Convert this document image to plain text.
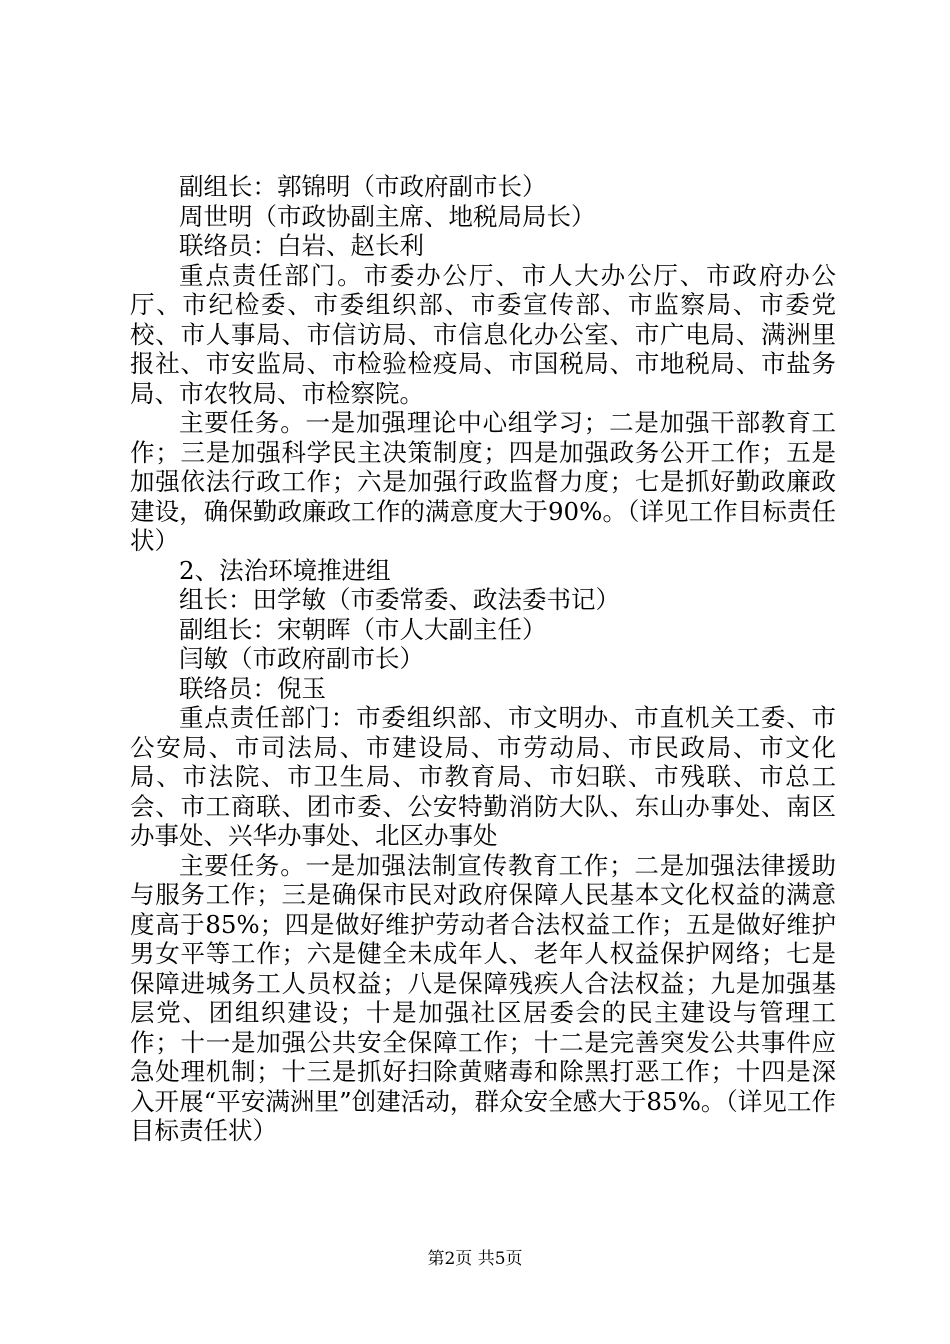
副组长：郭锦明（市政府副市长）
周世明（市政协副主席、地税局局长）
联络员：白岩、赵长利

重点责任部门。市委办公厅、市人大办公厅、市政府办公厅、市纪检委、市委组织部、市委宣传部、市监察局、市委党校、市人事局、市信访局、市信息化办公室、市广电局、满洲里报社、市安监局、市检验检疫局、市国税局、市地税局、市盐务局、市农牧局、市检察院。

主要任务。一是加强理论中心组学习；二是加强干部教育工作；三是加强科学民主决策制度；四是加强政务公开工作；五是加强依法行政工作；六是加强行政监督力度；七是抓好勤政廉政建设，确保勤政廉政工作的满意度大于90%。（详见工作目标责任状）

2、法治环境推进组
组长：田学敏（市委常委、政法委书记）
副组长：宋朝晖（市人大副主任）
闫敏（市政府副市长）
联络员：倪玉

重点责任部门：市委组织部、市文明办、市直机关工委、市公安局、市司法局、市建设局、市劳动局、市民政局、市文化局、市法院、市卫生局、市教育局、市妇联、市残联、市总工会、市工商联、团市委、公安特勤消防大队、东山办事处、南区办事处、兴华办事处、北区办事处

主要任务。一是加强法制宣传教育工作；二是加强法律援助与服务工作；三是确保市民对政府保障人民基本文化权益的满意度高于85%；四是做好维护劳动者合法权益工作；五是做好维护男女平等工作；六是健全未成年人、老年人权益保护网络；七是保障进城务工人员权益；八是保障残疾人合法权益；九是加强基层党、团组织建设；十是加强社区居委会的民主建设与管理工作；十一是加强公共安全保障工作；十二是完善突发公共事件应急处理机制；十三是抓好扫除黄赌毒和除黑打恶工作；十四是深入开展“平安满洲里”创建活动，群众安全感大于85%。（详见工作目标责任状）

第2页 共5页
